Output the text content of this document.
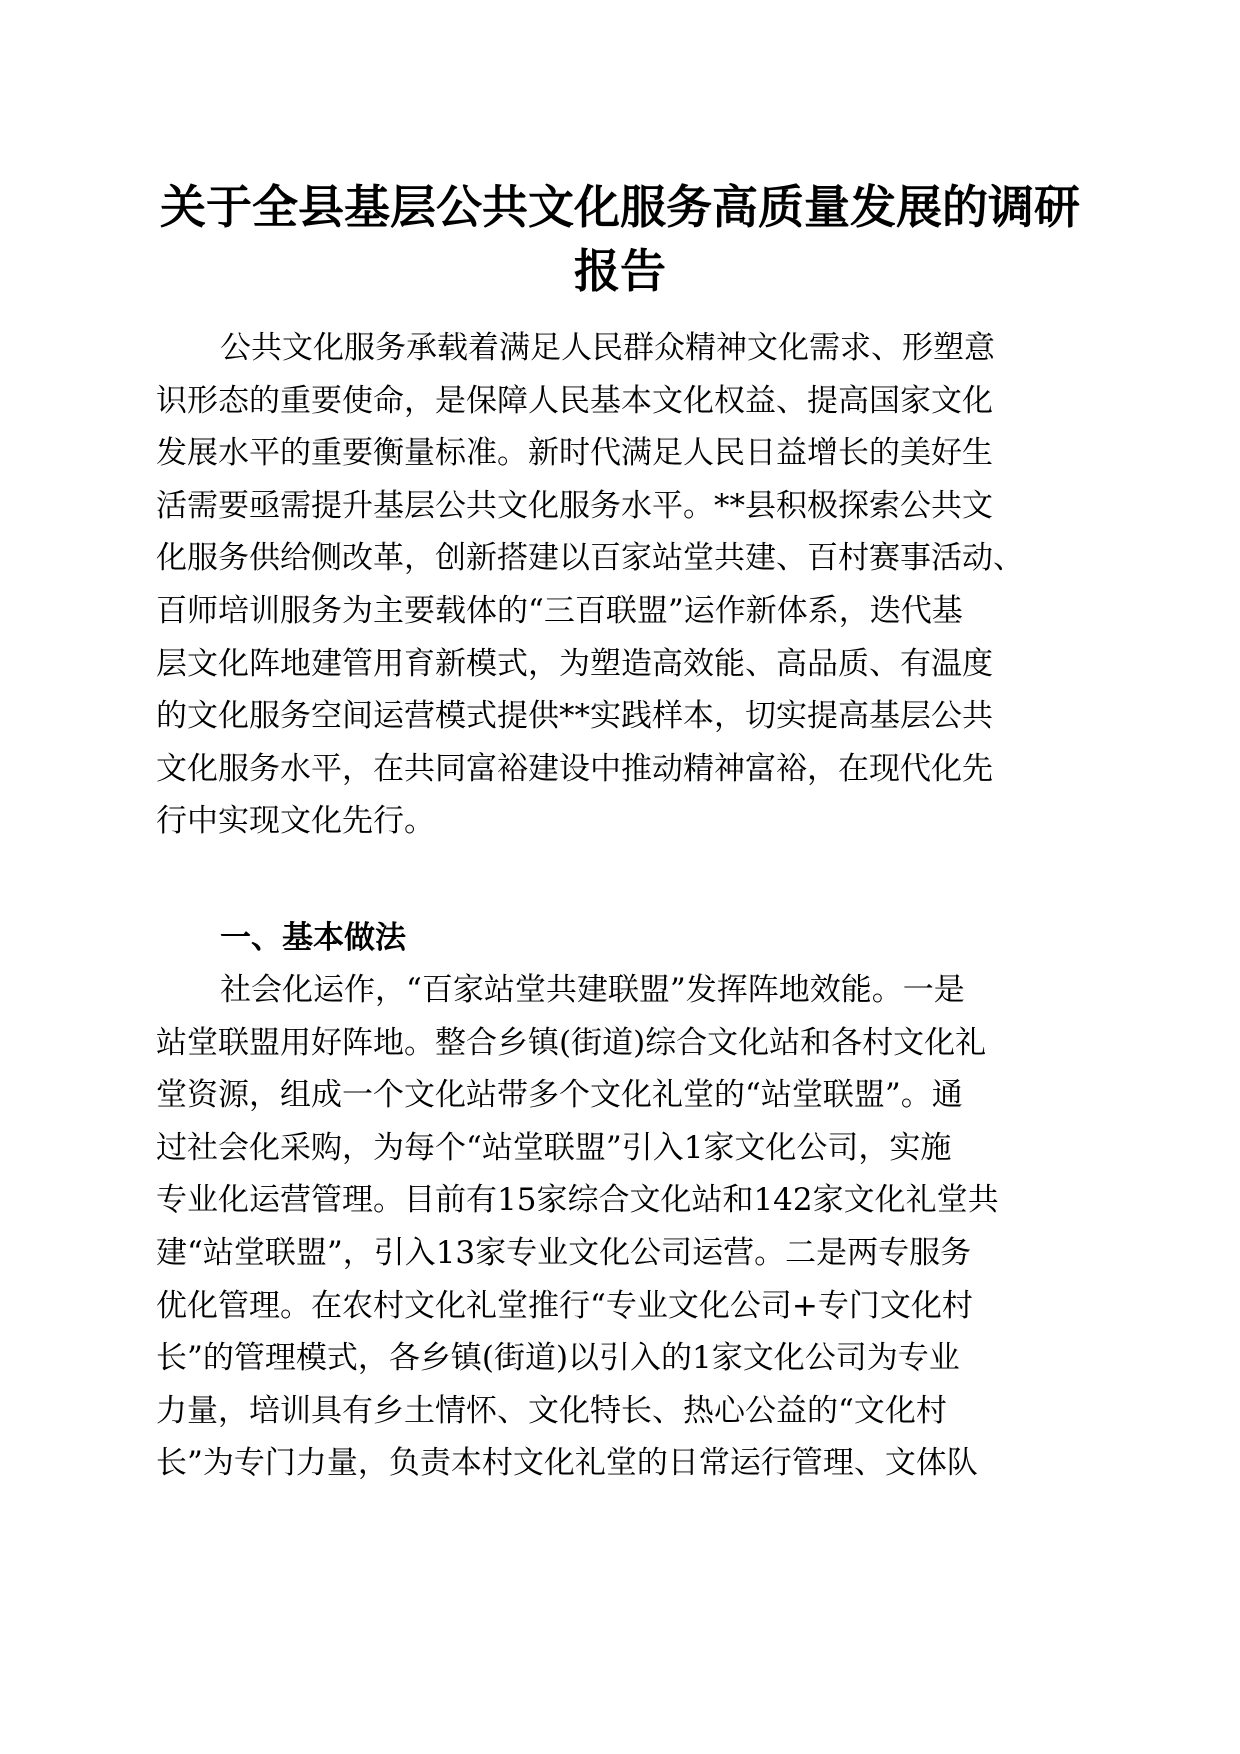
关于全县基层公共文化服务高质量发展的调研
报告
公共文化服务承载着满足人民群众精神文化需求、形塑意
识形态的重要使命，是保障人民基本文化权益、提高国家文化
发展水平的重要衡量标准。新时代满足人民日益增长的美好生
活需要亟需提升基层公共文化服务水平。**县积极探索公共文
化服务供给侧改革，创新搭建以百家站堂共建、百村赛事活动、
百师培训服务为主要载体的“三百联盟”运作新体系，迭代基
层文化阵地建管用育新模式，为塑造高效能、高品质、有温度
的文化服务空间运营模式提供**实践样本，切实提高基层公共
文化服务水平，在共同富裕建设中推动精神富裕，在现代化先
行中实现文化先行。
一、基本做法
社会化运作，“百家站堂共建联盟”发挥阵地效能。一是
站堂联盟用好阵地。整合乡镇(街道)综合文化站和各村文化礼
堂资源，组成一个文化站带多个文化礼堂的“站堂联盟”。通
过社会化采购，为每个“站堂联盟”引入1家文化公司，实施
专业化运营管理。目前有15家综合文化站和142家文化礼堂共
建“站堂联盟”，引入13家专业文化公司运营。二是两专服务
优化管理。在农村文化礼堂推行“专业文化公司+专门文化村
长”的管理模式，各乡镇(街道)以引入的1家文化公司为专业
力量，培训具有乡土情怀、文化特长、热心公益的“文化村
长”为专门力量，负责本村文化礼堂的日常运行管理、文体队
